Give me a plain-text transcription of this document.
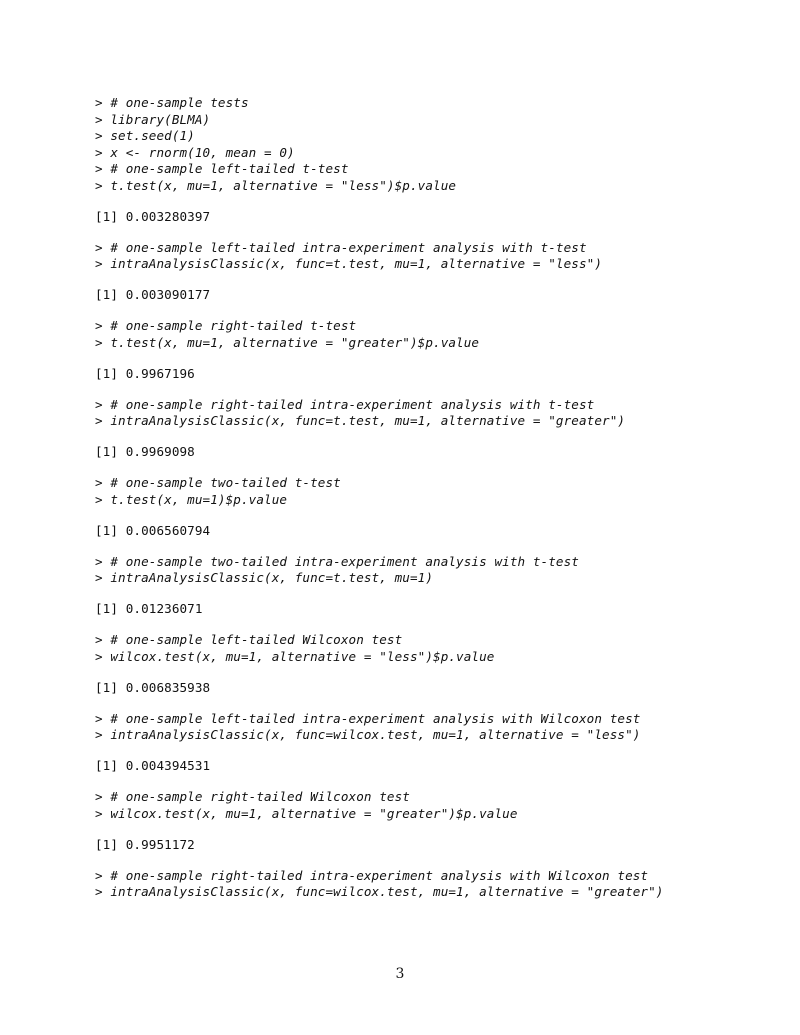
> # one-sample tests
> library(BLMA)
> set.seed(1)
> x <- rnorm(10, mean = 0)
> # one-sample left-tailed t-test
> t.test(x, mu=1, alternative = "less")$p.value
[1] 0.003280397
> # one-sample left-tailed intra-experiment analysis with t-test
> intraAnalysisClassic(x, func=t.test, mu=1, alternative = "less")
[1] 0.003090177
> # one-sample right-tailed t-test
> t.test(x, mu=1, alternative = "greater")$p.value
[1] 0.9967196
> # one-sample right-tailed intra-experiment analysis with t-test
> intraAnalysisClassic(x, func=t.test, mu=1, alternative = "greater")
[1] 0.9969098
> # one-sample two-tailed t-test
> t.test(x, mu=1)$p.value
[1] 0.006560794
> # one-sample two-tailed intra-experiment analysis with t-test
> intraAnalysisClassic(x, func=t.test, mu=1)
[1] 0.01236071
> # one-sample left-tailed Wilcoxon test
> wilcox.test(x, mu=1, alternative = "less")$p.value
[1] 0.006835938
> # one-sample left-tailed intra-experiment analysis with Wilcoxon test
> intraAnalysisClassic(x, func=wilcox.test, mu=1, alternative = "less")
[1] 0.004394531
> # one-sample right-tailed Wilcoxon test
> wilcox.test(x, mu=1, alternative = "greater")$p.value
[1] 0.9951172
> # one-sample right-tailed intra-experiment analysis with Wilcoxon test
> intraAnalysisClassic(x, func=wilcox.test, mu=1, alternative = "greater")
3
